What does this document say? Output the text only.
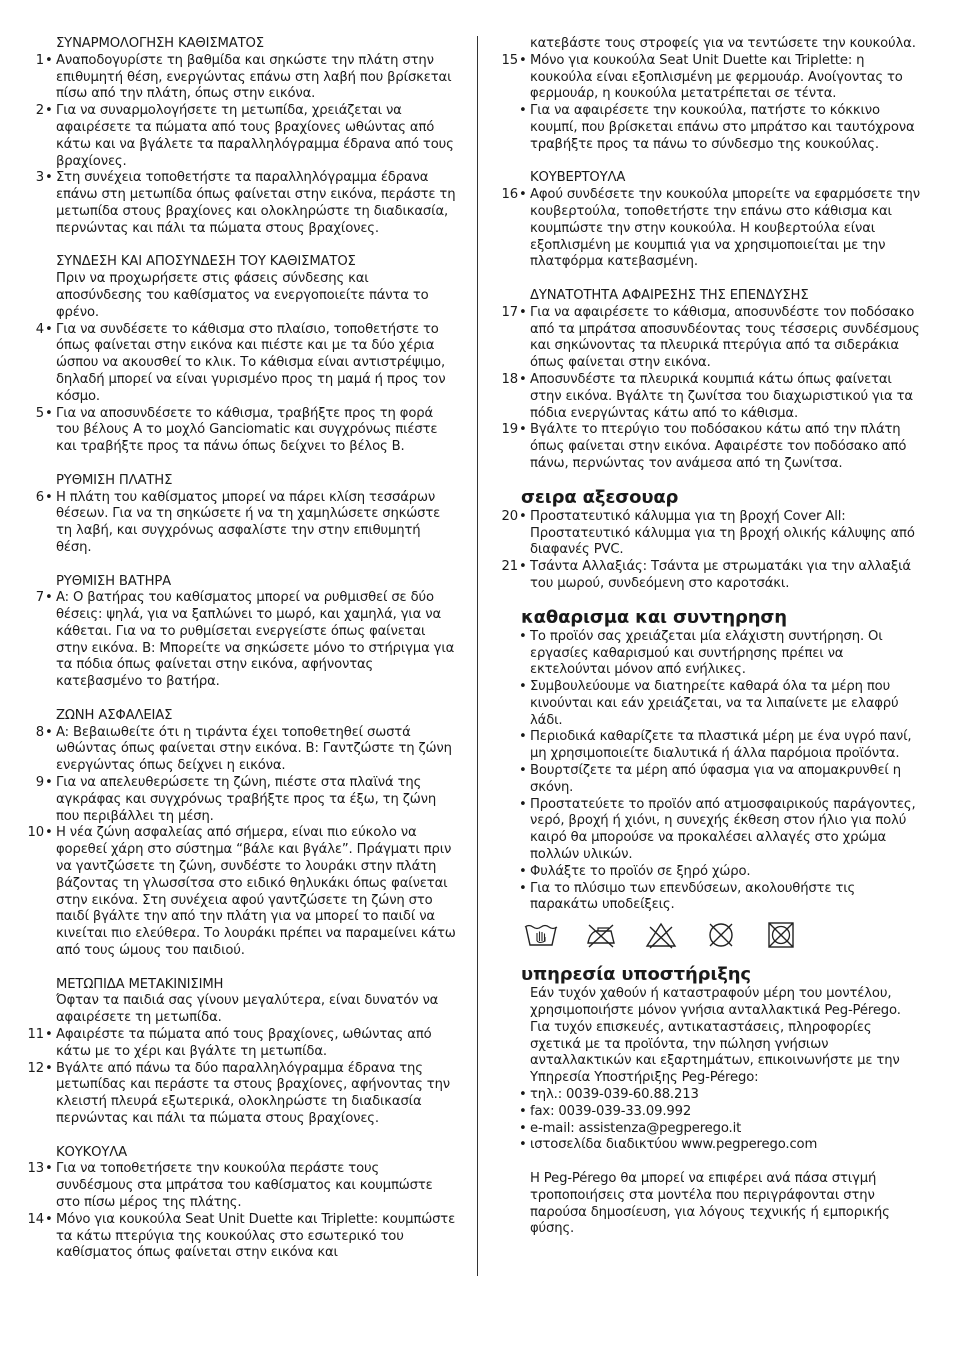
ΣΥΝΑΡΜΟΛΟΓΗΣΗ ΚΑΘΙΣΜΑΤΟΣ
1 • Αναποδογυρίστε τη βαθμίδα και σηκώστε την πλάτη στην επιθυμητή θέση, ενεργώντας επάνω στη λαβή που βρίσκεται πίσω από την πλάτη, όπως στην εικόνα.
2 • Για να συναρμολογήσετε τη μετωπίδα, χρειάζεται να αφαιρέσετε τα πώματα από τους βραχίονες ωθώντας από κάτω και να βγάλετε τα παραλληλόγραμμα έδρανα από τους βραχίονες.
3 • Στη συνέχεια τοποθετήστε τα παραλληλόγραμμα έδρανα επάνω στη μετωπίδα όπως φαίνεται στην εικόνα, περάστε τη μετωπίδα στους βραχίονες και ολοκληρώστε τη διαδικασία, περνώντας και πάλι τα πώματα στους βραχίονες.
ΣΥΝΔΕΣΗ ΚΑΙ ΑΠΟΣΥΝΔΕΣΗ ΤΟΥ ΚΑΘΙΣΜΑΤΟΣ
Πριν να προχωρήσετε στις φάσεις σύνδεσης και αποσύνδεσης του καθίσματος να ενεργοποιείτε πάντα το φρένο.
4 • Για να συνδέσετε το κάθισμα στο πλαίσιο, τοποθετήστε το όπως φαίνεται στην εικόνα και πιέστε και με τα δύο χέρια ώσπου να ακουσθεί το κλικ. Το κάθισμα είναι αντιστρέψιμο, δηλαδή μπορεί να είναι γυρισμένο προς τη μαμά ή προς τον κόσμο.
5 • Για να αποσυνδέσετε το κάθισμα, τραβήξτε προς τη φορά του βέλους A το μοχλό Ganciomatic και συγχρόνως πιέστε και τραβήξτε προς τα πάνω όπως δείχνει το βέλος B.
ΡΥΘΜΙΣΗ ΠΛΑΤΗΣ
6 • Η πλάτη του καθίσματος μπορεί να πάρει κλίση τεσσάρων θέσεων. Για να τη σηκώσετε ή να τη χαμηλώσετε σηκώστε τη λαβή, και συγχρόνως ασφαλίστε την στην επιθυμητή θέση.
ΡΥΘΜΙΣΗ ΒΑΤΗΡΑ
7 • A: Ο βατήρας του καθίσματος μπορεί να ρυθμισθεί σε δύο θέσεις: ψηλά, για να ξαπλώνει το μωρό, και χαμηλά, για να κάθεται. Για να το ρυθμίσεται ενεργείστε όπως φαίνεται στην εικόνα. B: Μπορείτε να σηκώσετε μόνο το στήριγμα για τα πόδια όπως φαίνεται στην εικόνα, αφήνοντας κατεβασμένο το βατήρα.
ΖΩΝΗ ΑΣΦΑΛΕΙΑΣ
8 • A: Βεβαιωθείτε ότι η τιράντα έχει τοποθετηθεί σωστά ωθώντας όπως φαίνεται στην εικόνα. B: Γαντζώστε τη ζώνη ενεργώντας όπως δείχνει η εικόνα.
9 • Για να απελευθερώσετε τη ζώνη, πιέστε στα πλαϊνά της αγκράφας και συγχρόνως τραβήξτε προς τα έξω, τη ζώνη που περιβάλλει τη μέση.
10 • Η νέα ζώνη ασφαλείας από σήμερα, είναι πιο εύκολο να φορεθεί χάρη στο σύστημα “βάλε και βγάλε”. Πράγματι πριν να γαντζώσετε τη ζώνη, συνδέστε το λουράκι στην πλάτη βάζοντας τη γλωσσίτσα στο ειδικό θηλυκάκι όπως φαίνεται στην εικόνα. Στη συνέχεια αφού γαντζώσετε τη ζώνη στο παιδί βγάλτε την από την πλάτη για να μπορεί το παιδί να κινείται πιο ελεύθερα. Το λουράκι πρέπει να παραμείνει κάτω από τους ώμους του παιδιού.
ΜΕΤΩΠΙΔΑ ΜΕΤΑΚΙΝΙΣΙΜΗ
Όφταν τα παιδιά σας γίνουν μεγαλύτερα, είναι δυνατόν να αφαιρέσετε τη μετωπίδα.
11 • Αφαιρέστε τα πώματα από τους βραχίονες, ωθώντας από κάτω με το χέρι και βγάλτε τη μετωπίδα.
12 • Βγάλτε από πάνω τα δύο παραλληλόγραμμα έδρανα της μετωπίδας και περάστε τα στους βραχίονες, αφήνοντας την κλειστή πλευρά εξωτερικά, ολοκληρώστε τη διαδικασία περνώντας και πάλι τα πώματα στους βραχίονες.
ΚΟΥΚΟΥΛΑ
13 • Για να τοποθετήσετε την κουκούλα περάστε τους συνδέσμους στα μπράτσα του καθίσματος και κουμπώστε στο πίσω μέρος της πλάτης.
14 • Μόνο για κουκούλα Seat Unit Duette και Triplette: κουμπώστε τα κάτω πτερύγια της κουκούλας στο εσωτερικό του καθίσματος όπως φαίνεται στην εικόνα και
κατεβάστε τους στροφείς για να τεντώσετε την κουκούλα.
15 • Μόνο για κουκούλα Seat Unit Duette και Triplette: η κουκούλα είναι εξοπλισμένη με φερμουάρ. Ανοίγοντας το φερμουάρ, η κουκούλα μετατρέπεται σε τέντα.
• Για να αφαιρέσετε την κουκούλα, πατήστε το κόκκινο κουμπί, που βρίσκεται επάνω στο μπράτσο και ταυτόχρονα τραβήξτε προς τα πάνω το σύνδεσμο της κουκούλας.
ΚΟΥΒΕΡΤΟΥΛΑ
16 • Αφού συνδέσετε την κουκούλα μπορείτε να εφαρμόσετε την κουβερτούλα, τοποθετήστε την επάνω στο κάθισμα και κουμπώστε την στην κουκούλα. Η κουβερτούλα είναι εξοπλισμένη με κουμπιά για να χρησιμοποιείται με την πλατφόρμα κατεβασμένη.
ΔΥΝΑΤΟΤΗΤΑ ΑΦΑΙΡΕΣΗΣ ΤΗΣ ΕΠΕΝΔΥΣΗΣ
17 • Για να αφαιρέσετε το κάθισμα, αποσυνδέστε τον ποδόσακο από τα μπράτσα αποσυνδέοντας τους τέσσερις συνδέσμους και σηκώνοντας τα πλευρικά πτερύγια από τα σιδεράκια όπως φαίνεται στην εικόνα.
18 • Αποσυνδέστε τα πλευρικά κουμπιά κάτω όπως φαίνεται στην εικόνα. Βγάλτε τη ζωνίτσα του διαχωριστικού για τα πόδια ενεργώντας κάτω από το κάθισμα.
19 • Βγάλτε το πτερύγιο του ποδόσακου κάτω από την πλάτη όπως φαίνεται στην εικόνα. Αφαιρέστε τον ποδόσακο από πάνω, περνώντας τον ανάμεσα από τη ζωνίτσα.
σειρα αξεσουαρ
20 • Προστατευτικό κάλυμμα για τη βροχή Cover All: Προστατευτικό κάλυμμα για τη βροχή ολικής κάλυψης από διαφανές PVC.
21 • Τσάντα Αλλαξιάς: Τσάντα με στρωματάκι για την αλλαξιά του μωρού, συνδεόμενη στο καροτσάκι.
καθαρισμα και συντηρηση
• Το προϊόν σας χρειάζεται μία ελάχιστη συντήρηση. Οι εργασίες καθαρισμού και συντήρησης πρέπει να εκτελούνται μόνον από ενήλικες.
• Συμβουλεύουμε να διατηρείτε καθαρά όλα τα μέρη που κινούνται και εάν χρειάζεται, να τα λιπαίνετε με ελαφρύ λάδι.
• Περιοδικά καθαρίζετε τα πλαστικά μέρη με ένα υγρό πανί, μη χρησιμοποιείτε διαλυτικά ή άλλα παρόμοια προϊόντα.
• Βουρτσίζετε τα μέρη από ύφασμα για να απομακρυνθεί η σκόνη.
• Προστατεύετε το προϊόν από ατμοσφαιρικούς παράγοντες, νερό, βροχή ή χιόνι, η συνεχής έκθεση στον ήλιο για πολύ καιρό θα μπορούσε να προκαλέσει αλλαγές στο χρώμα πολλών υλικών.
• Φυλάξτε το προϊόν σε ξηρό χώρο.
• Για το πλύσιμο των επενδύσεων, ακολουθήστε τις παρακάτω υποδείξεις.
υπηρεσία υποστήριξης
Εάν τυχόν χαθούν ή καταστραφούν μέρη του μοντέλου, χρησιμοποιήστε μόνον γνήσια ανταλλακτικά Peg-Pérego. Για τυχόν επισκευές, αντικαταστάσεις, πληροφορίες σχετικά με τα προϊόντα, την πώληση γνήσιων ανταλλακτικών και εξαρτημάτων, επικοινωνήστε με την Υπηρεσία Υποστήριξης Peg-Pérego:
• τηλ.: 0039-039-60.88.213
• fax: 0039-039-33.09.992
• e-mail: assistenza@pegperego.it
• ιστοσελίδα διαδικτύου www.pegperego.com
Η Peg-Pérego θα μπορεί να επιφέρει ανά πάσα στιγμή τροποποιήσεις στα μοντέλα που περιγράφονται στην παρούσα δημοσίευση, για λόγους τεχνικής ή εμπορικής φύσης.
